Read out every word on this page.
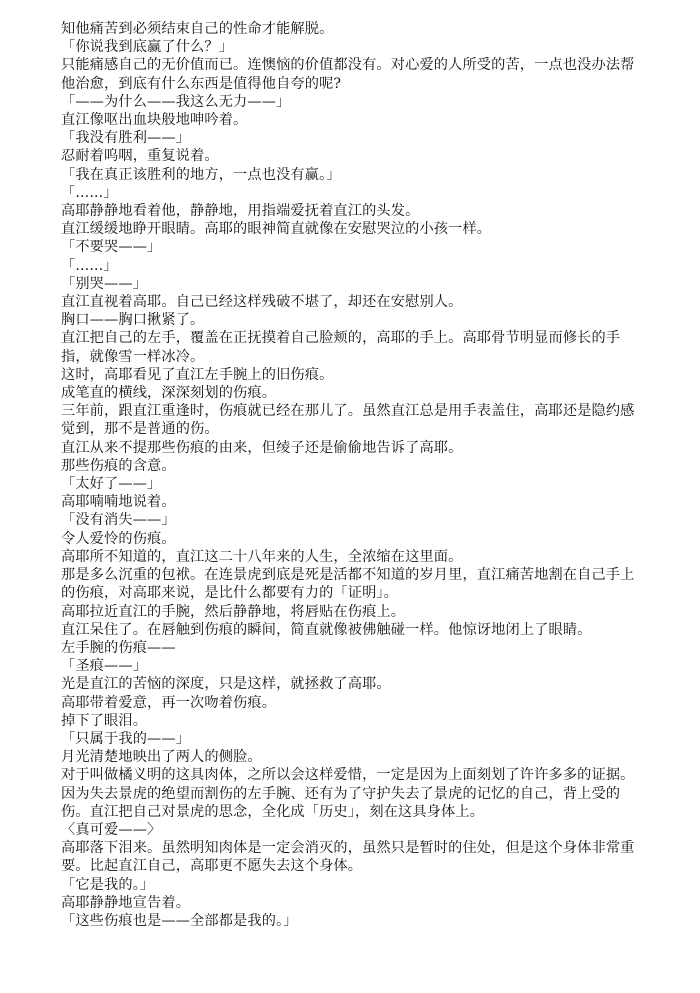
知他痛苦到必须结束自己的性命才能解脱。

「你说我到底赢了什么？」

只能痛感自己的无价值而已。连懊恼的价值都没有。对心爱的人所受的苦，一点也没办法帮他治愈，到底有什么东西是值得他自夸的呢?

「——为什么——我这么无力——」

直江像呕出血块般地呻吟着。

「我没有胜利——」

忍耐着呜咽，重复说着。

「我在真正该胜利的地方，一点也没有赢。」

「......」

高耶静静地看着他，静静地，用指端爱抚着直江的头发。

直江缓缓地睁开眼睛。高耶的眼神简直就像在安慰哭泣的小孩一样。

「不要哭——」

「......」

「别哭——」

直江直视着高耶。自己已经这样残破不堪了，却还在安慰别人。

胸口——胸口揪紧了。

直江把自己的左手，覆盖在正抚摸着自己脸颊的，高耶的手上。高耶骨节明显而修长的手指，就像雪一样冰冷。

这时，高耶看见了直江左手腕上的旧伤痕。

成笔直的横线，深深刻划的伤痕。

三年前，跟直江重逢时，伤痕就已经在那儿了。虽然直江总是用手表盖住，高耶还是隐约感觉到，那不是普通的伤。

直江从来不提那些伤痕的由来，但绫子还是偷偷地告诉了高耶。

那些伤痕的含意。

「太好了——」

高耶喃喃地说着。

「没有消失——」

令人爱怜的伤痕。

高耶所不知道的，直江这二十八年来的人生，全浓缩在这里面。

那是多么沉重的包袱。在连景虎到底是死是活都不知道的岁月里，直江痛苦地割在自己手上的伤痕，对高耶来说，是比什么都要有力的「证明」。

高耶拉近直江的手腕，然后静静地，将唇贴在伤痕上。

直江呆住了。在唇触到伤痕的瞬间，简直就像被佛触碰一样。他惊讶地闭上了眼睛。

左手腕的伤痕——

「圣痕——」

光是直江的苦恼的深度，只是这样，就拯救了高耶。

高耶带着爱意，再一次吻着伤痕。

掉下了眼泪。

「只属于我的——」

月光清楚地映出了两人的侧脸。

对于叫做橘义明的这具肉体，之所以会这样爱惜，一定是因为上面刻划了许许多多的证据。因为失去景虎的绝望而割伤的左手腕、还有为了守护失去了景虎的记忆的自己，背上受的伤。直江把自己对景虎的思念，全化成「历史」，刻在这具身体上。

〈真可爱——〉

高耶落下泪来。虽然明知肉体是一定会消灭的，虽然只是暂时的住处，但是这个身体非常重要。比起直江自己，高耶更不愿失去这个身体。

「它是我的。」

高耶静静地宣告着。

「这些伤痕也是——全部都是我的。」
